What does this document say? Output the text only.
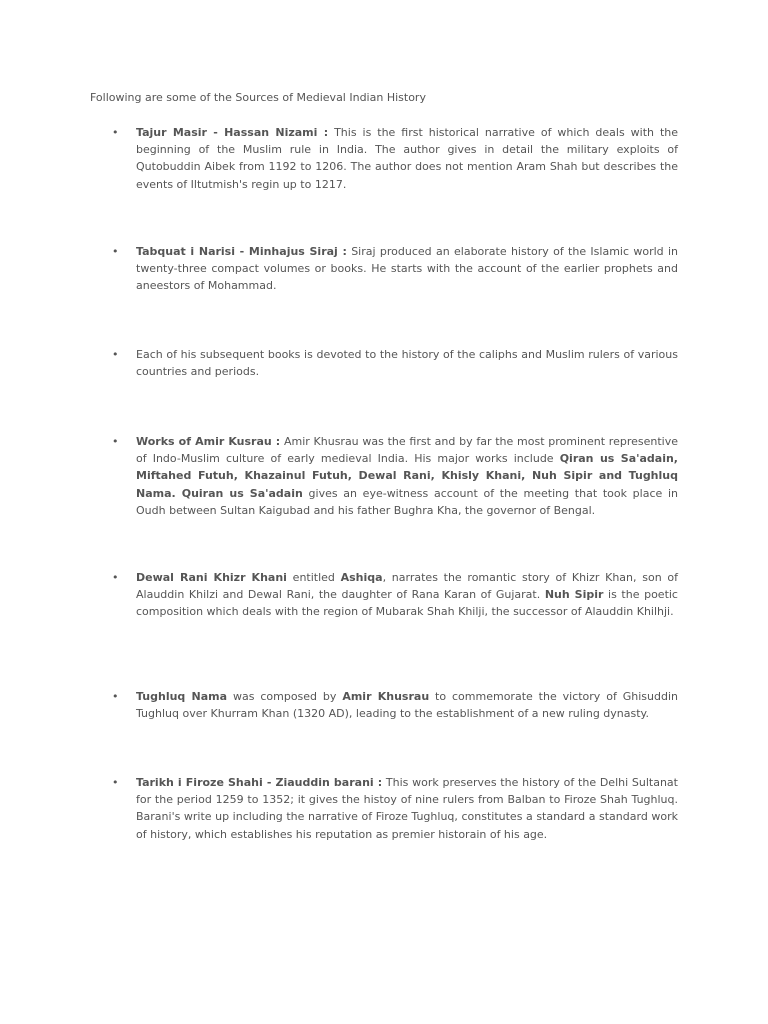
Following are some of the Sources of Medieval Indian History

• Tajur Masir - Hassan Nizami : This is the first historical narrative of which deals with the beginning of the Muslim rule in India. The author gives in detail the military exploits of Qutobuddin Aibek from 1192 to 1206. The author does not mention Aram Shah but describes the events of Iltutmish's regin up to 1217.
• Tabquat i Narisi - Minhajus Siraj : Siraj produced an elaborate history of the Islamic world in twenty-three compact volumes or books. He starts with the account of the earlier prophets and aneestors of Mohammad.
• Each of his subsequent books is devoted to the history of the caliphs and Muslim rulers of various countries and periods.
• Works of Amir Kusrau : Amir Khusrau was the first and by far the most prominent representive of Indo-Muslim culture of early medieval India. His major works include Qiran us Sa'adain, Miftahed Futuh, Khazainul Futuh, Dewal Rani, Khisly Khani, Nuh Sipir and Tughluq Nama. Quiran us Sa'adain gives an eye-witness account of the meeting that took place in Oudh between Sultan Kaigubad and his father Bughra Kha, the governor of Bengal.
• Dewal Rani Khizr Khani entitled Ashiqa, narrates the romantic story of Khizr Khan, son of Alauddin Khilzi and Dewal Rani, the daughter of Rana Karan of Gujarat. Nuh Sipir is the poetic composition which deals with the region of Mubarak Shah Khilji, the successor of Alauddin Khilhji.
• Tughluq Nama was composed by Amir Khusrau to commemorate the victory of Ghisuddin Tughluq over Khurram Khan (1320 AD), leading to the establishment of a new ruling dynasty.
• Tarikh i Firoze Shahi - Ziauddin barani : This work preserves the history of the Delhi Sultanat for the period 1259 to 1352; it gives the histoy of nine rulers from Balban to Firoze Shah Tughluq. Barani's write up including the narrative of Firoze Tughluq, constitutes a standard a standard work of history, which establishes his reputation as premier historain of his age.
